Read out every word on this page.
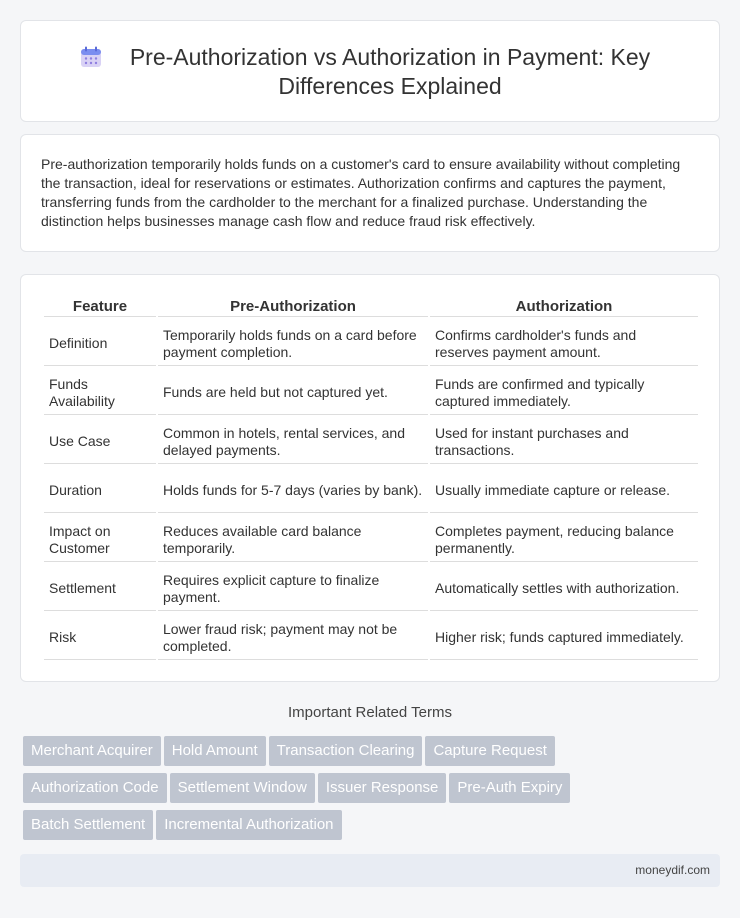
Pre-Authorization vs Authorization in Payment: Key Differences Explained

Pre-authorization temporarily holds funds on a customer's card to ensure availability without completing the transaction, ideal for reservations or estimates. Authorization confirms and captures the payment, transferring funds from the cardholder to the merchant for a finalized purchase. Understanding the distinction helps businesses manage cash flow and reduce fraud risk effectively.

Feature	Pre-Authorization	Authorization
Definition	Temporarily holds funds on a card before payment completion.	Confirms cardholder's funds and reserves payment amount.
Funds Availability	Funds are held but not captured yet.	Funds are confirmed and typically captured immediately.
Use Case	Common in hotels, rental services, and delayed payments.	Used for instant purchases and transactions.
Duration	Holds funds for 5-7 days (varies by bank).	Usually immediate capture or release.
Impact on Customer	Reduces available card balance temporarily.	Completes payment, reducing balance permanently.
Settlement	Requires explicit capture to finalize payment.	Automatically settles with authorization.
Risk	Lower fraud risk; payment may not be completed.	Higher risk; funds captured immediately.
Important Related Terms
Merchant Acquirer Hold Amount Transaction Clearing Capture Request
Authorization Code Settlement Window Issuer Response Pre-Auth Expiry
Batch Settlement Incremental Authorization
moneydif.com
